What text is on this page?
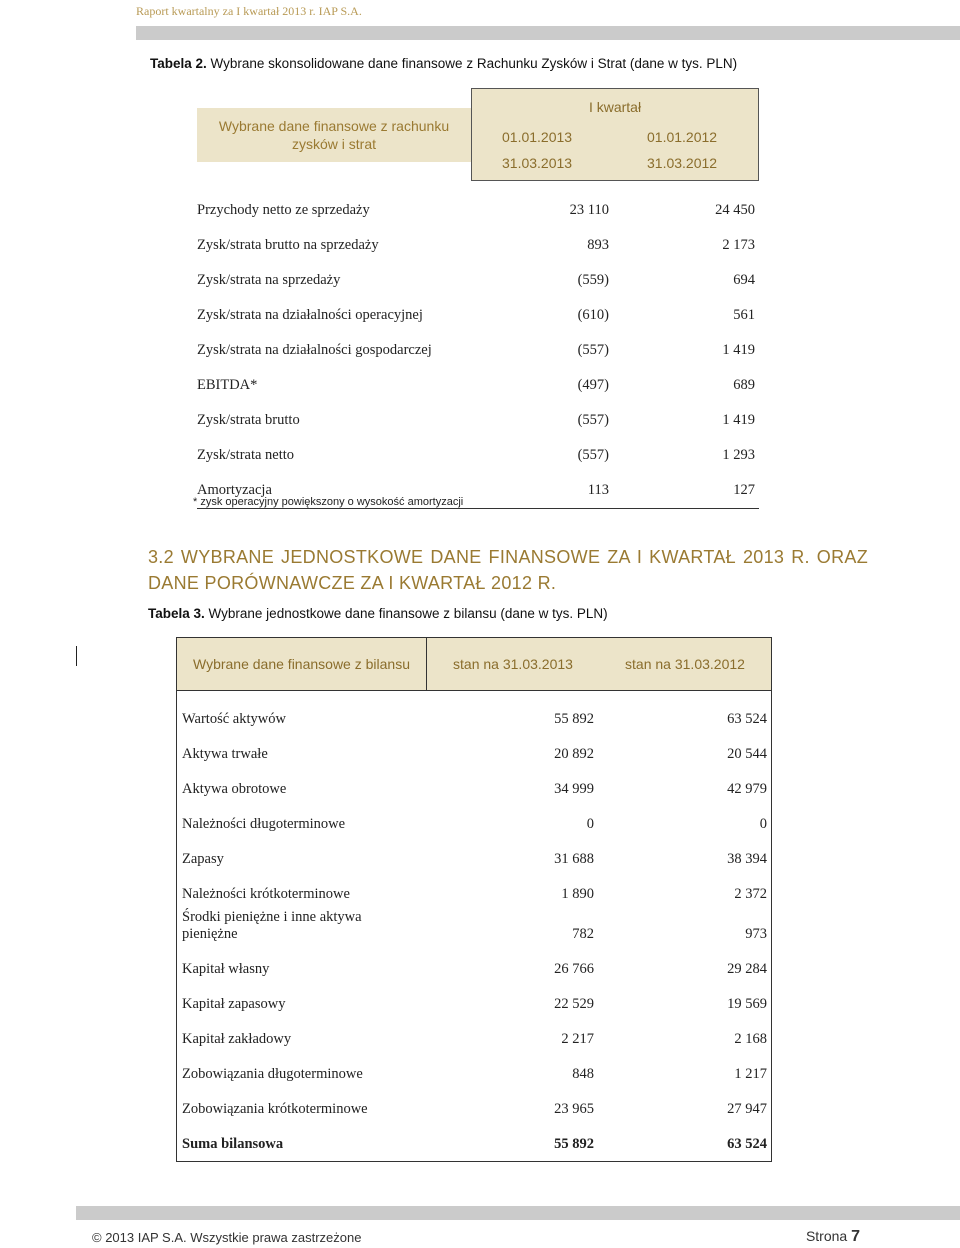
Raport kwartalny za I kwartał 2013 r. IAP S.A.
Tabela 2. Wybrane skonsolidowane dane finansowe z Rachunku Zysków i Strat (dane w tys. PLN)
Wybrane dane finansowe z rachunku zysków i strat
I kwartał
01.01.2013	01.01.2012
31.03.2013	31.03.2012
Przychody netto ze sprzedaży	23 110	24 450
Zysk/strata brutto na sprzedaży	893	2 173
Zysk/strata na sprzedaży	(559)	694
Zysk/strata na działalności operacyjnej	(610)	561
Zysk/strata na działalności gospodarczej	(557)	1 419
EBITDA*	(497)	689
Zysk/strata brutto	(557)	1 419
Zysk/strata netto	(557)	1 293
Amortyzacja	113	127
* zysk operacyjny powiększony o wysokość amortyzacji
3.2 WYBRANE JEDNOSTKOWE DANE FINANSOWE ZA I KWARTAŁ 2013 R. ORAZ DANE PORÓWNAWCZE ZA I KWARTAŁ 2012 R.
Tabela 3. Wybrane jednostkowe dane finansowe z bilansu (dane w tys. PLN)
Wybrane dane finansowe z bilansu	stan na 31.03.2013	stan na 31.03.2012
Wartość aktywów	55 892	63 524
Aktywa trwałe	20 892	20 544
Aktywa obrotowe	34 999	42 979
Należności długoterminowe	0	0
Zapasy	31 688	38 394
Należności krótkoterminowe	1 890	2 372
Środki pieniężne i inne aktywa pieniężne	782	973
Kapitał własny	26 766	29 284
Kapitał zapasowy	22 529	19 569
Kapitał zakładowy	2 217	2 168
Zobowiązania długoterminowe	848	1 217
Zobowiązania krótkoterminowe	23 965	27 947
Suma bilansowa	55 892	63 524
© 2013 IAP S.A. Wszystkie prawa zastrzeżone	Strona 7
